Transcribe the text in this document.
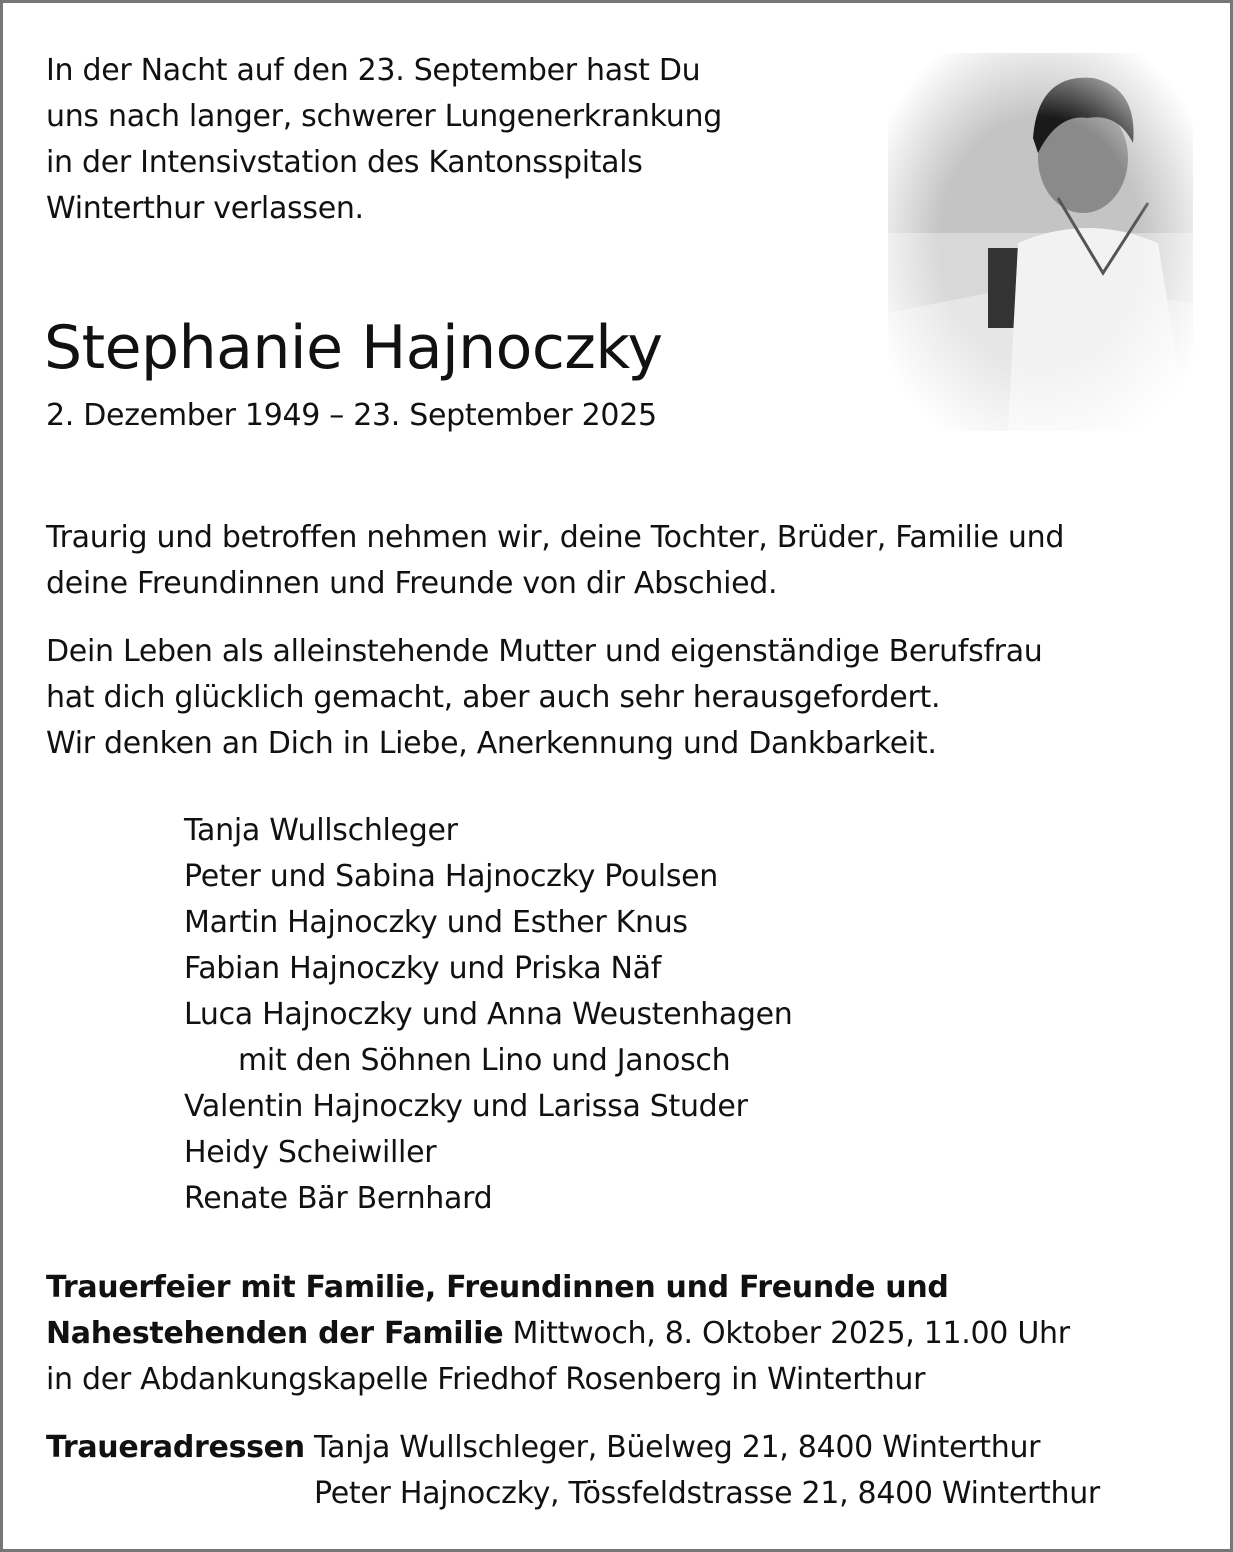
In der Nacht auf den 23. September hast Du
uns nach langer, schwerer Lungenerkrankung
in der Intensivstation des Kantonsspitals
Winterthur verlassen.
Stephanie Hajnoczky
2. Dezember 1949 – 23. September 2025
Traurig und betroffen nehmen wir, deine Tochter, Brüder, Familie und
deine Freundinnen und Freunde von dir Abschied.
Dein Leben als alleinstehende Mutter und eigenständige Berufsfrau
hat dich glücklich gemacht, aber auch sehr herausgefordert.
Wir denken an Dich in Liebe, Anerkennung und Dankbarkeit.
Tanja Wullschleger
Peter und Sabina Hajnoczky Poulsen
Martin Hajnoczky und Esther Knus
Fabian Hajnoczky und Priska Näf
Luca Hajnoczky und Anna Weustenhagen
mit den Söhnen Lino und Janosch
Valentin Hajnoczky und Larissa Studer
Heidy Scheiwiller
Renate Bär Bernhard
Trauerfeier mit Familie, Freundinnen und Freunde und
Nahestehenden der Familie Mittwoch, 8. Oktober 2025, 11.00 Uhr
in der Abdankungskapelle Friedhof Rosenberg in Winterthur
Traueradressen Tanja Wullschleger, Büelweg 21, 8400 Winterthur
Peter Hajnoczky, Tössfeldstrasse 21, 8400 Winterthur
